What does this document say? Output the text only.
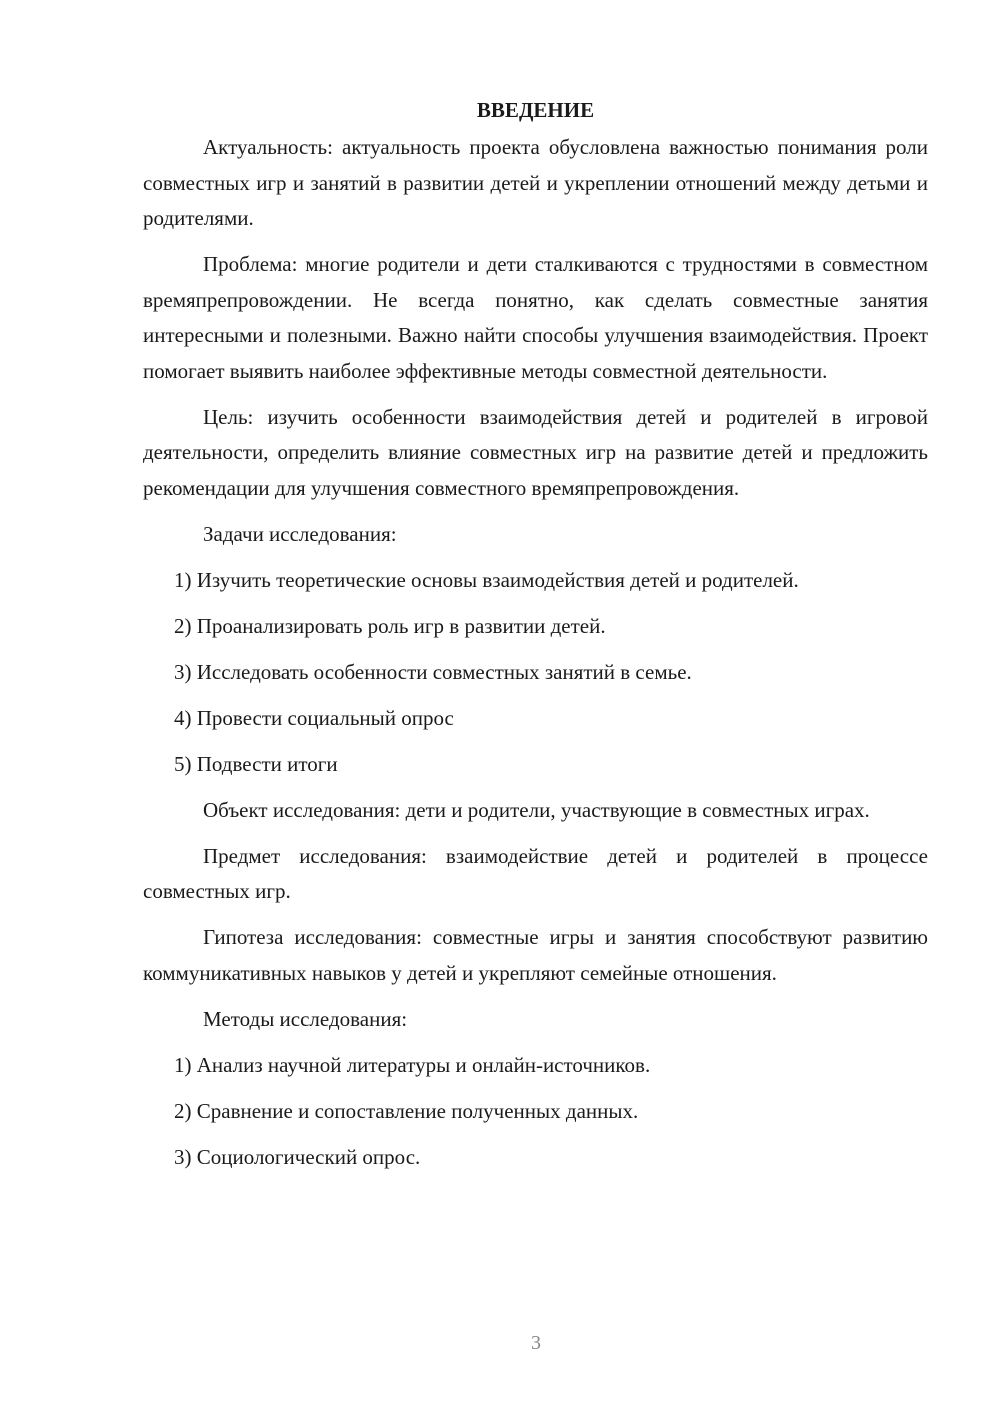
ВВЕДЕНИЕ

Актуальность: актуальность проекта обусловлена важностью понимания роли совместных игр и занятий в развитии детей и укреплении отношений между детьми и родителями.

Проблема: многие родители и дети сталкиваются с трудностями в совместном времяпрепровождении. Не всегда понятно, как сделать совместные занятия интересными и полезными. Важно найти способы улучшения взаимодействия. Проект помогает выявить наиболее эффективные методы совместной деятельности.

Цель: изучить особенности взаимодействия детей и родителей в игровой деятельности, определить влияние совместных игр на развитие детей и предложить рекомендации для улучшения совместного времяпрепровождения.

Задачи исследования:

1) Изучить теоретические основы взаимодействия детей и родителей.
2) Проанализировать роль игр в развитии детей.
3) Исследовать особенности совместных занятий в семье.
4) Провести социальный опрос
5) Подвести итоги

Объект исследования: дети и родители, участвующие в совместных играх.

Предмет исследования: взаимодействие детей и родителей в процессе совместных игр.

Гипотеза исследования: совместные игры и занятия способствуют развитию коммуникативных навыков у детей и укрепляют семейные отношения.

Методы исследования:

1) Анализ научной литературы и онлайн-источников.
2) Сравнение и сопоставление полученных данных.
3) Социологический опрос.
3
